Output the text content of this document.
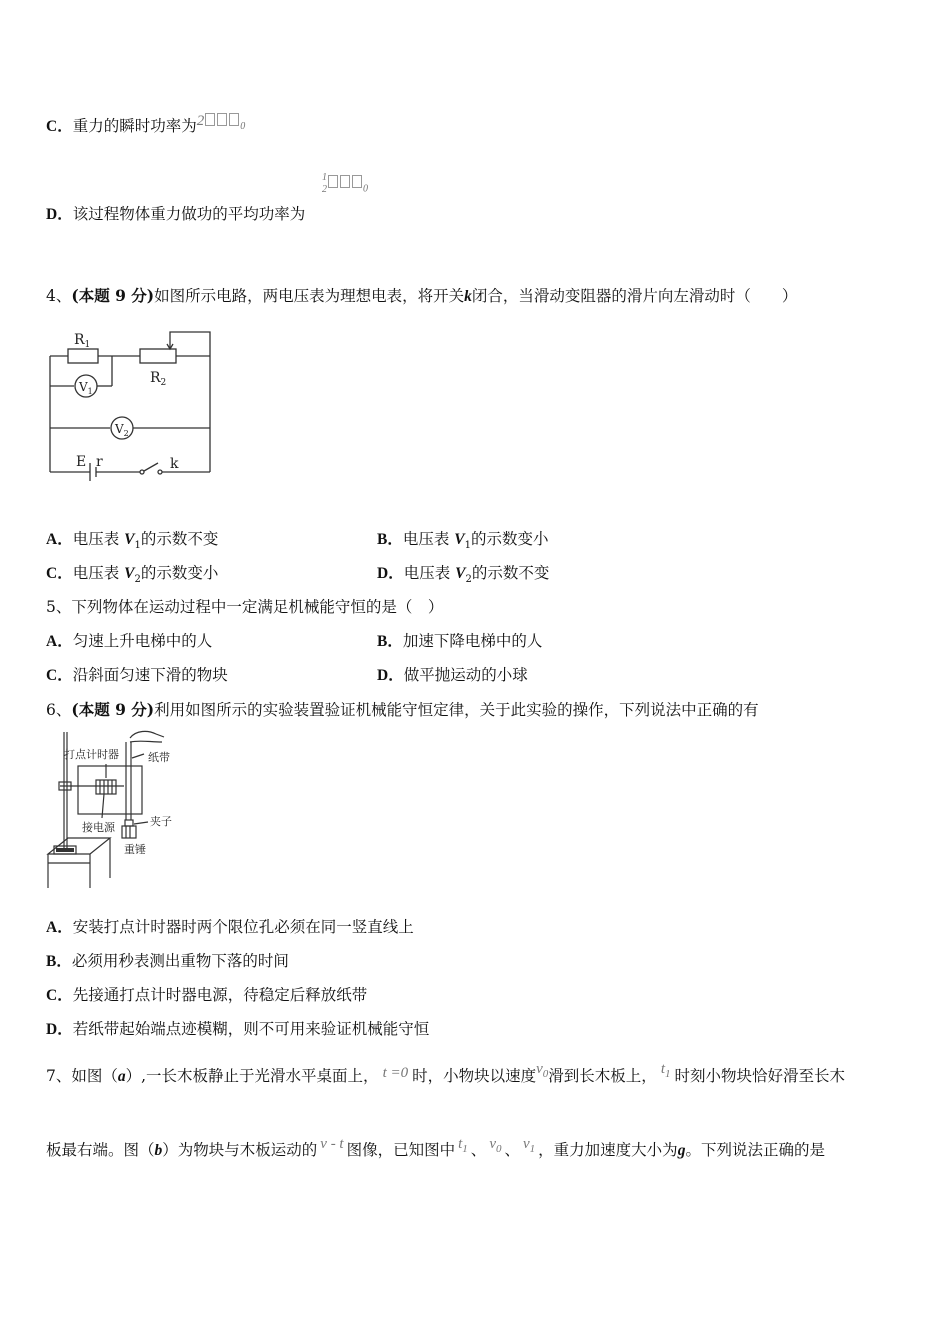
C．重力的瞬时功率为2	$_0$
1
2	$_0$
D．该过程物体重力做功的平均功率为
4、(本题 9 分)如图所示电路，两电压表为理想电表，将开关k闭合，当滑动变阻器的滑片向左滑动时（　　）
$R_1$
$R_2$
$V_1$
$V_2$
E r	k
A．电压表 $V_1$的示数不变	B．电压表 $V_1$的示数变小
C．电压表 $V_2$的示数变小	D．电压表 $V_2$的示数不变
5、下列物体在运动过程中一定满足机械能守恒的是（　）
A．匀速上升电梯中的人	B．加速下降电梯中的人
C．沿斜面匀速下滑的物块	D．做平抛运动的小球
6、(本题 9 分)利用如图所示的实验装置验证机械能守恒定律，关于此实验的操作，下列说法中正确的有
打点计时器	纸带
接电源	夹子
重锤
A．安装打点计时器时两个限位孔必须在同一竖直线上
B．必须用秒表测出重物下落的时间
C．先接通打点计时器电源，待稳定后释放纸带
D．若纸带起始端点迹模糊，则不可用来验证机械能守恒
7、如图（a）,一长木板静止于光滑水平桌面上， t =0 时，小物块以速度$v_0$滑到长木板上， $t_1$ 时刻小物块恰好滑至长木
板最右端。图（b）为物块与木板运动的 v - t 图像，已知图中 $t_1$ 、 $v_0$ 、 $v_1$ ，重力加速度大小为g。下列说法正确的是
